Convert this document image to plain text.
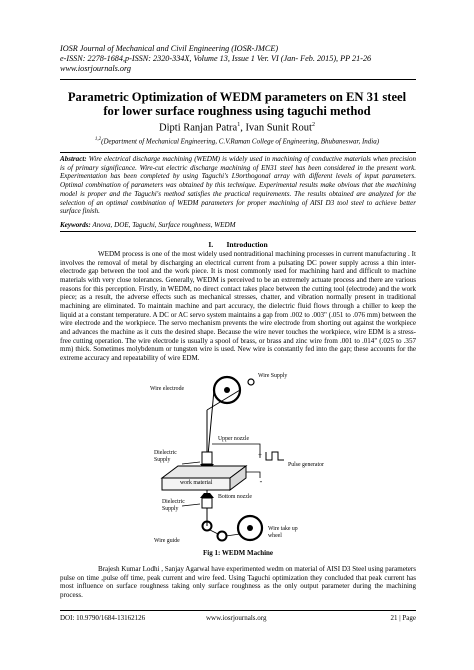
IOSR Journal of Mechanical and Civil Engineering (IOSR-JMCE)
e-ISSN: 2278-1684,p-ISSN: 2320-334X, Volume 13, Issue 1 Ver. VI (Jan- Feb. 2015), PP 21-26
www.iosrjournals.org
Parametric Optimization of WEDM parameters on EN 31 steel
for lower surface roughness using taguchi method
Dipti Ranjan Patra$^1$, Ivan Sunit Rout$^2$
$^{1,2}$(Department of Mechanical Engineering, C.V.Raman College of Engineering, Bhubaneswar, India)
Abstract: Wire electrical discharge machining (WEDM) is widely used in machining of conductive materials when precision is of primary significance. Wire-cut electric discharge machining of EN31 steel has been considered in the present work. Experimentation has been completed by using Taguchi's L9orthogonal array with different levels of input parameters. Optimal combination of parameters was obtained by this technique. Experimental results make obvious that the machining model is proper and the Taguchi's method satisfies the practical requirements. The results obtained are analyzed for the selection of an optimal combination of WEDM parameters for proper machining of AISI D3 tool steel to achieve better surface finish.
Keywords: Anova, DOE, Taguchi, Surface roughness, WEDM
I. Introduction
WEDM process is one of the most widely used nontraditional machining processes in current manufacturing . It involves the removal of metal by discharging an electrical current from a pulsating DC power supply across a thin inter-electrode gap between the tool and the work piece. It is most commonly used for machining hard and difficult to machine materials with very close tolerances. Generally, WEDM is perceived to be an extremely actuate process and there are various reasons for this perception. Firstly, in WEDM, no direct contact takes place between the cutting tool (electrode) and the work piece; as a result, the adverse effects such as mechanical stresses, chatter, and vibration normally present in traditional machining are eliminated. To maintain machine and part accuracy, the dielectric fluid flows through a chiller to keep the liquid at a constant temperature. A DC or AC servo system maintains a gap from .002 to .003" (.051 to .076 mm) between the wire electrode and the workpiece. The servo mechanism prevents the wire electrode from shorting out against the workpiece and advances the machine as it cuts the desired shape. Because the wire never touches the workpiece, wire EDM is a stress-free cutting operation. The wire electrode is usually a spool of brass, or brass and zinc wire from .001 to .014" (.025 to .357 mm) thick. Sometimes molybdenum or tungsten wire is used. New wire is constantly fed into the gap; these accounts for the extreme accuracy and repeatability of wire EDM.
+
-
Wire Supply
Wire electrode
Upper nozzle
Dielectric
Supply
Pulse generator
work material
Bottom nozzle
Dielectric
Supply
Wire take up
wheel
Wire guide
Fig 1: WEDM Machine
Brajesh Kumar Lodhi , Sanjay Agarwal have experimented wedm on material of AISI D3 Steel using parameters pulse on time ,pulse off time, peak current and wire feed. Using Taguchi optimization they concluded that peak current has most influence on surface roughness taking only surface roughness as the only output parameter during the machining process.
DOI: 10.9790/1684-13162126	www.iosrjournals.org	21 | Page
